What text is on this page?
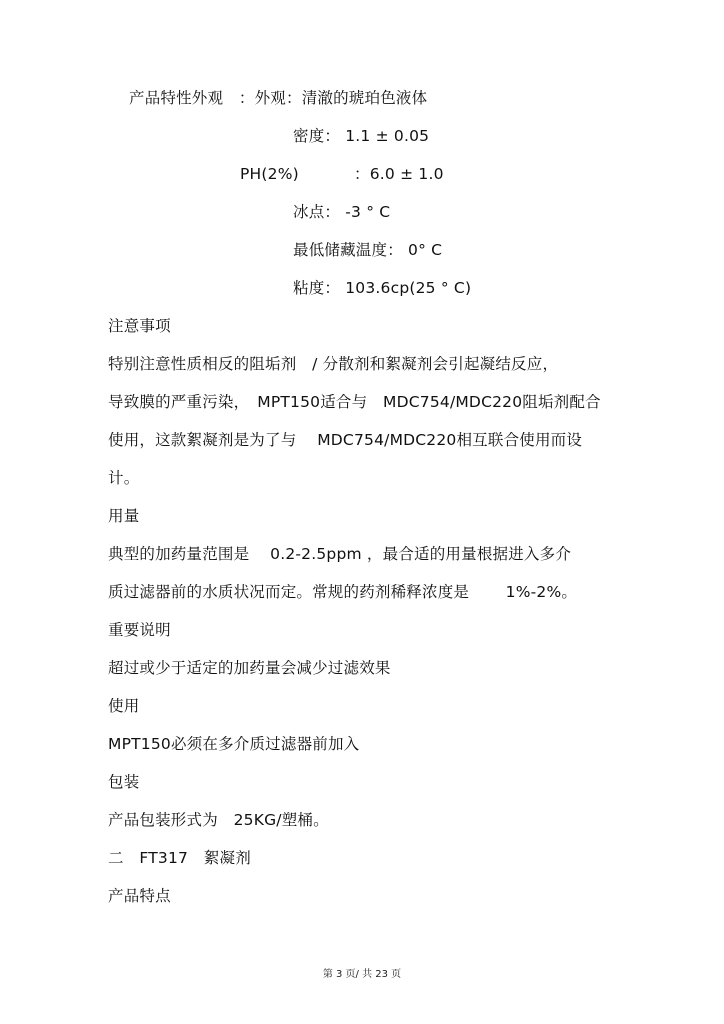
产品特性外观　：外观：清澈的琥珀色液体
密度： 1.1 ± 0.05
PH(2%)	：6.0 ± 1.0
冰点： -3 ° C
最低储藏温度： 0° C
粘度： 103.6cp(25 ° C)
注意事项
特别注意性质相反的阻垢剂　/ 分散剂和絮凝剂会引起凝结反应，
导致膜的严重污染，　MPT150适合与　MDC754/MDC220阻垢剂配合
使用，这款絮凝剂是为了与　 MDC754/MDC220相互联合使用而设
计。
用量
典型的加药量范围是　 0.2-2.5ppm ，最合适的用量根据进入多介
质过滤器前的水质状况而定。常规的药剂稀释浓度是　　 1%-2%。
重要说明
超过或少于适定的加药量会减少过滤效果
使用
MPT150必须在多介质过滤器前加入
包装
产品包装形式为　25KG/塑桶。
二　FT317　絮凝剂
产品特点
第 3 页/ 共 23 页
